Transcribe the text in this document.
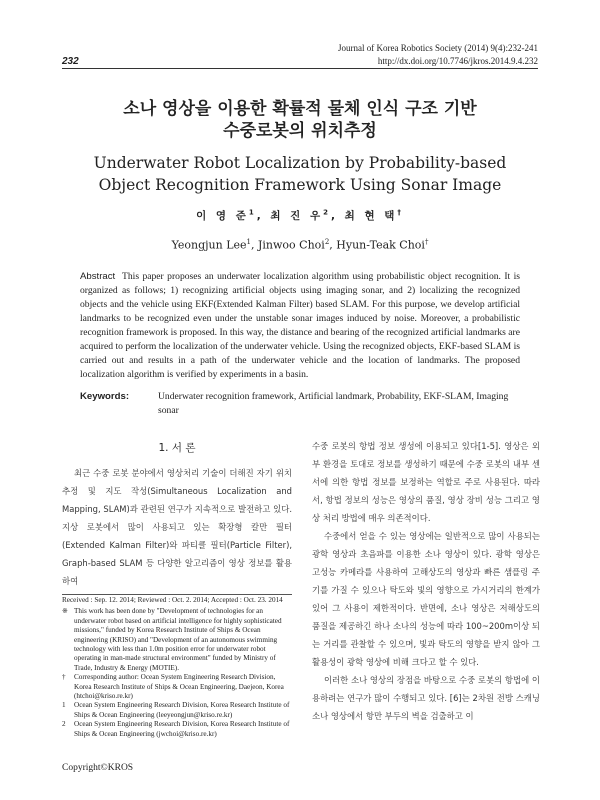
232
Journal of Korea Robotics Society (2014) 9(4):232-241
http://dx.doi.org/10.7746/jkros.2014.9.4.232
소나 영상을 이용한 확률적 물체 인식 구조 기반
수중로봇의 위치추정
Underwater Robot Localization by Probability-based
Object Recognition Framework Using Sonar Image
이 영 준$^1$, 최 진 우$^2$, 최 현 택†
Yeongjun Lee$^1$, Jinwoo Choi$^2$, Hyun-Teak Choi†
Abstract This paper proposes an underwater localization algorithm using probabilistic object recognition. It is organized as follows; 1) recognizing artificial objects using imaging sonar, and 2) localizing the recognized objects and the vehicle using EKF(Extended Kalman Filter) based SLAM. For this purpose, we develop artificial landmarks to be recognized even under the unstable sonar images induced by noise. Moreover, a probabilistic recognition framework is proposed. In this way, the distance and bearing of the recognized artificial landmarks are acquired to perform the localization of the underwater vehicle. Using the recognized objects, EKF-based SLAM is carried out and results in a path of the underwater vehicle and the location of landmarks. The proposed localization algorithm is verified by experiments in a basin.
Keywords:	Underwater recognition framework, Artificial landmark, Probability, EKF-SLAM, Imaging sonar
1. 서 론

최근 수중 로봇 분야에서 영상처리 기술이 더해진 자기 위치 추정 및 지도 작성(Simultaneous Localization and Mapping, SLAM)과 관련된 연구가 지속적으로 발전하고 있다. 지상 로봇에서 많이 사용되고 있는 확장형 칼만 필터(Extended Kalman Filter)와 파티클 필터(Particle Filter), Graph-based SLAM 등 다양한 알고리즘이 영상 정보를 활용하여

수중 로봇의 항법 정보 생성에 이용되고 있다[1-5]. 영상은 외부 환경을 토대로 정보를 생성하기 때문에 수중 로봇의 내부 센서에 의한 항법 정보를 보정하는 역할로 주로 사용된다. 따라서, 항법 정보의 성능은 영상의 품질, 영상 장비 성능 그리고 영상 처리 방법에 매우 의존적이다.

수중에서 얻을 수 있는 영상에는 일반적으로 많이 사용되는 광학 영상과 초음파를 이용한 소나 영상이 있다. 광학 영상은 고성능 카메라를 사용하여 고해상도의 영상과 빠른 샘플링 주기를 가질 수 있으나 탁도와 빛의 영향으로 가시거리의 한계가 있어 그 사용이 제한적이다. 반면에, 소나 영상은 저해상도의 품질을 제공하긴 하나 소나의 성능에 따라 100~200m이상 되는 거리를 관찰할 수 있으며, 빛과 탁도의 영향을 받지 않아 그 활용성이 광학 영상에 비해 크다고 할 수 있다.

이러한 소나 영상의 장점을 바탕으로 수중 로봇의 항법에 이용하려는 연구가 많이 수행되고 있다. [6]는 2차원 전방 스캐닝 소나 영상에서 항만 부두의 벽을 검출하고 이

Received : Sep. 12. 2014; Reviewed : Oct. 2. 2014; Accepted : Oct. 23. 2014
※ This work has been done by "Development of technologies for an underwater robot based on artificial intelligence for highly sophisticated missions," funded by Korea Research Institute of Ships & Ocean engineering (KRISO) and "Development of an autonomous swimming technology with less than 1.0m position error for underwater robot operating in man-made structural environment" funded by Ministry of Trade, Industry & Energy (MOTIE).
†	Corresponding author: Ocean System Engineering Research Division, Korea Research Institute of Ships & Ocean Engineering, Daejeon, Korea (htchoi@kriso.re.kr)
1	Ocean System Engineering Research Division, Korea Research Institute of Ships & Ocean Engineering (leeyeongjun@kriso.re.kr)
2	Ocean System Engineering Research Division, Korea Research Institute of Ships & Ocean Engineering (jwchoi@kriso.re.kr)
Copyright©KROS
